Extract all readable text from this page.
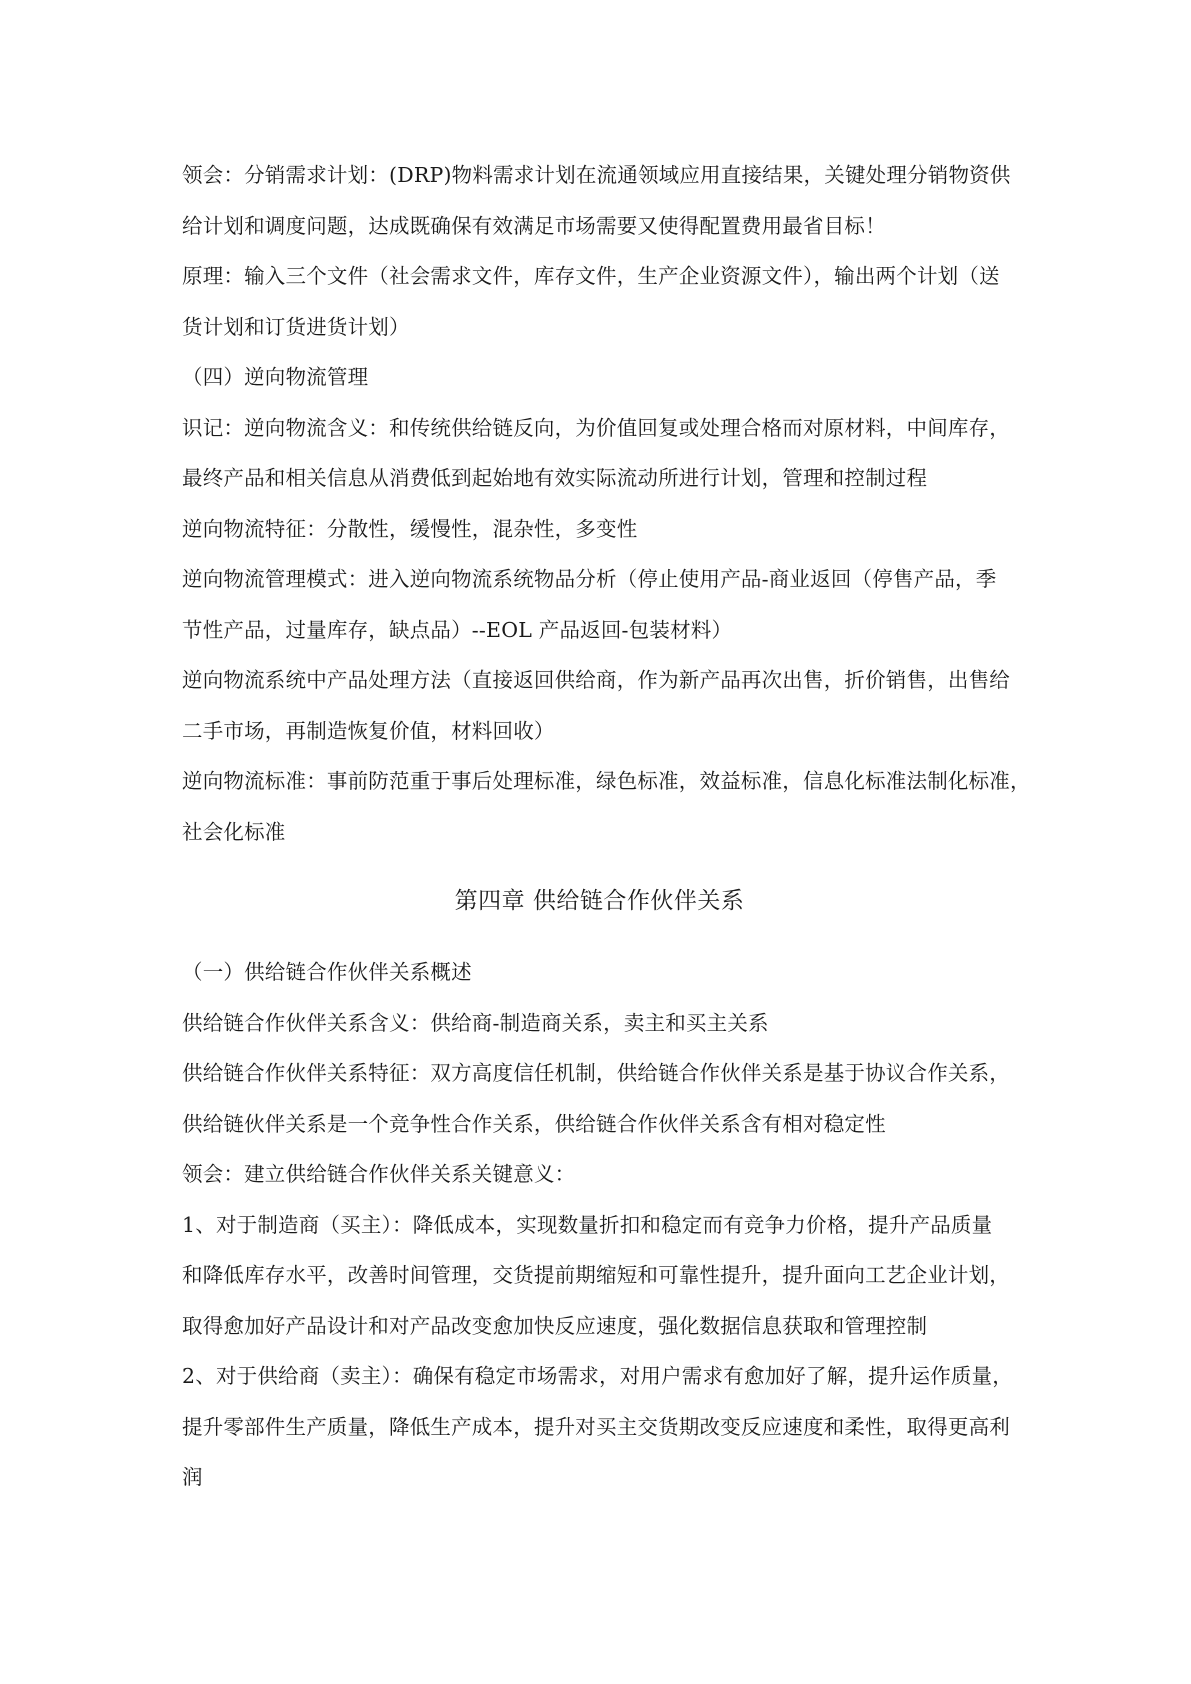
领会：分销需求计划：(DRP)物料需求计划在流通领域应用直接结果，关键处理分销物资供
给计划和调度问题，达成既确保有效满足市场需要又使得配置费用最省目标！
原理：输入三个文件（社会需求文件，库存文件，生产企业资源文件），输出两个计划（送
货计划和订货进货计划）
（四）逆向物流管理
识记：逆向物流含义：和传统供给链反向，为价值回复或处理合格而对原材料，中间库存，
最终产品和相关信息从消费低到起始地有效实际流动所进行计划，管理和控制过程
逆向物流特征：分散性，缓慢性，混杂性，多变性
逆向物流管理模式：进入逆向物流系统物品分析（停止使用产品-商业返回（停售产品，季
节性产品，过量库存，缺点品）--EOL 产品返回-包装材料）
逆向物流系统中产品处理方法（直接返回供给商，作为新产品再次出售，折价销售，出售给
二手市场，再制造恢复价值，材料回收）
逆向物流标准：事前防范重于事后处理标准，绿色标准，效益标准，信息化标准法制化标准，
社会化标准
第四章 供给链合作伙伴关系
（一）供给链合作伙伴关系概述
供给链合作伙伴关系含义：供给商-制造商关系，卖主和买主关系
供给链合作伙伴关系特征：双方高度信任机制，供给链合作伙伴关系是基于协议合作关系，
供给链伙伴关系是一个竞争性合作关系，供给链合作伙伴关系含有相对稳定性
领会：建立供给链合作伙伴关系关键意义：
1、对于制造商（买主）：降低成本，实现数量折扣和稳定而有竞争力价格，提升产品质量
和降低库存水平，改善时间管理，交货提前期缩短和可靠性提升，提升面向工艺企业计划，
取得愈加好产品设计和对产品改变愈加快反应速度，强化数据信息获取和管理控制
2、对于供给商（卖主）：确保有稳定市场需求，对用户需求有愈加好了解，提升运作质量，
提升零部件生产质量，降低生产成本，提升对买主交货期改变反应速度和柔性，取得更高利
润
